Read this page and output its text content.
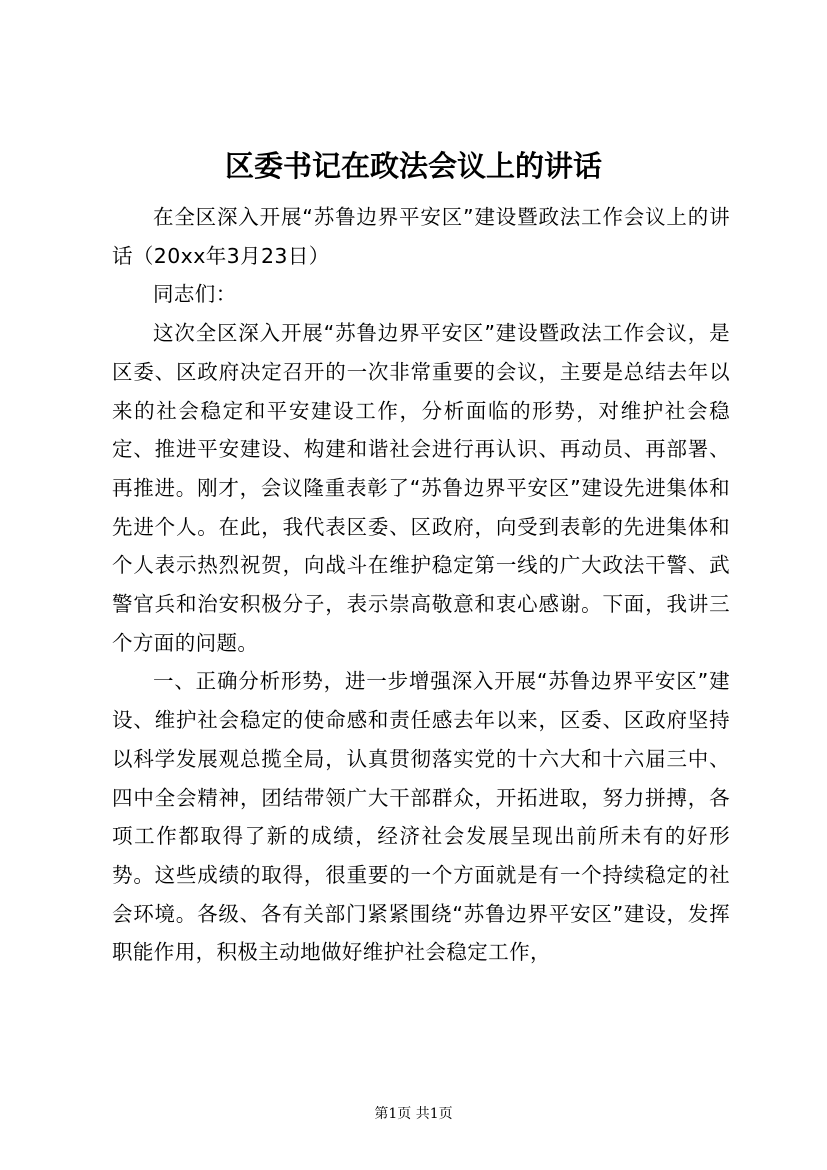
区委书记在政法会议上的讲话

在全区深入开展“苏鲁边界平安区”建设暨政法工作会议上的讲话（20xx年3月23日）

同志们：

这次全区深入开展“苏鲁边界平安区”建设暨政法工作会议，是区委、区政府决定召开的一次非常重要的会议，主要是总结去年以来的社会稳定和平安建设工作，分析面临的形势，对维护社会稳定、推进平安建设、构建和谐社会进行再认识、再动员、再部署、再推进。刚才，会议隆重表彰了“苏鲁边界平安区”建设先进集体和先进个人。在此，我代表区委、区政府，向受到表彰的先进集体和个人表示热烈祝贺，向战斗在维护稳定第一线的广大政法干警、武警官兵和治安积极分子，表示崇高敬意和衷心感谢。下面，我讲三个方面的问题。

一、正确分析形势，进一步增强深入开展“苏鲁边界平安区”建设、维护社会稳定的使命感和责任感去年以来，区委、区政府坚持以科学发展观总揽全局，认真贯彻落实党的十六大和十六届三中、四中全会精神，团结带领广大干部群众，开拓进取，努力拼搏，各项工作都取得了新的成绩，经济社会发展呈现出前所未有的好形势。这些成绩的取得，很重要的一个方面就是有一个持续稳定的社会环境。各级、各有关部门紧紧围绕“苏鲁边界平安区”建设，发挥职能作用，积极主动地做好维护社会稳定工作，

第1页 共1页
